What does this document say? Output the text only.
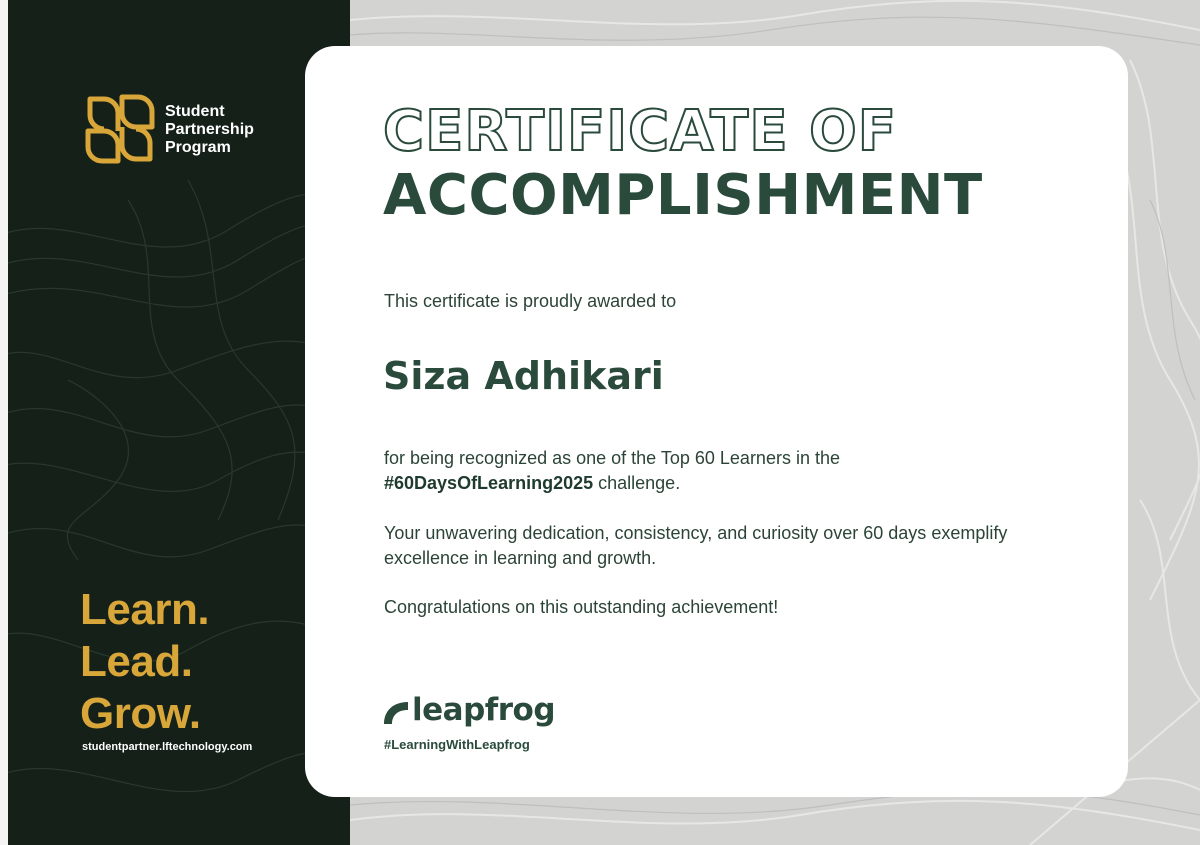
Student
Partnership
Program
Learn.
Lead.
Grow.
studentpartner.lftechnology.com
CERTIFICATE OF
ACCOMPLISHMENT
This certificate is proudly awarded to
Siza Adhikari

for being recognized as one of the Top 60 Learners in the
#60DaysOfLearning2025 challenge.

Your unwavering dedication, consistency, and curiosity over 60 days exemplify excellence in learning and growth.

Congratulations on this outstanding achievement!

leapfrog
#LearningWithLeapfrog
